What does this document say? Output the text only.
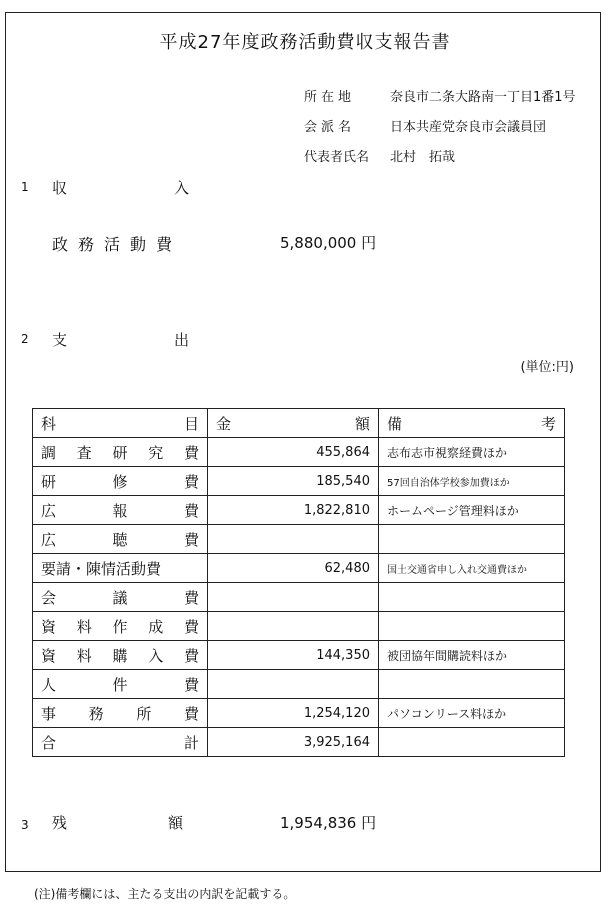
平成27年度政務活動費収支報告書
所在地	奈良市二条大路南一丁目1番1号
会派名	日本共産党奈良市会議員団
代表者氏名 北村　拓哉
1 収	入
政務活動費	5,880,000 円
2 支	出
(単位:円)
科 目	金 額	備 考

調 査 研 究 費	455,864	志布志市視察経費ほか

研 修 費	185,540	57回自治体学校参加費ほか

広 報 費	1,822,810	ホームページ管理料ほか

広 聴 費		

要請・陳情活動費	62,480	国土交通省申し入れ交通費ほか

会 議 費		

資 料 作 成 費		

資 料 購 入 費	144,350	被団協年間購読料ほか

人 件 費		

事 務 所 費	1,254,120	パソコンリース料ほか

合 計	3,925,164	
3 残	額	1,954,836 円
(注)備考欄には、主たる支出の内訳を記載する。
